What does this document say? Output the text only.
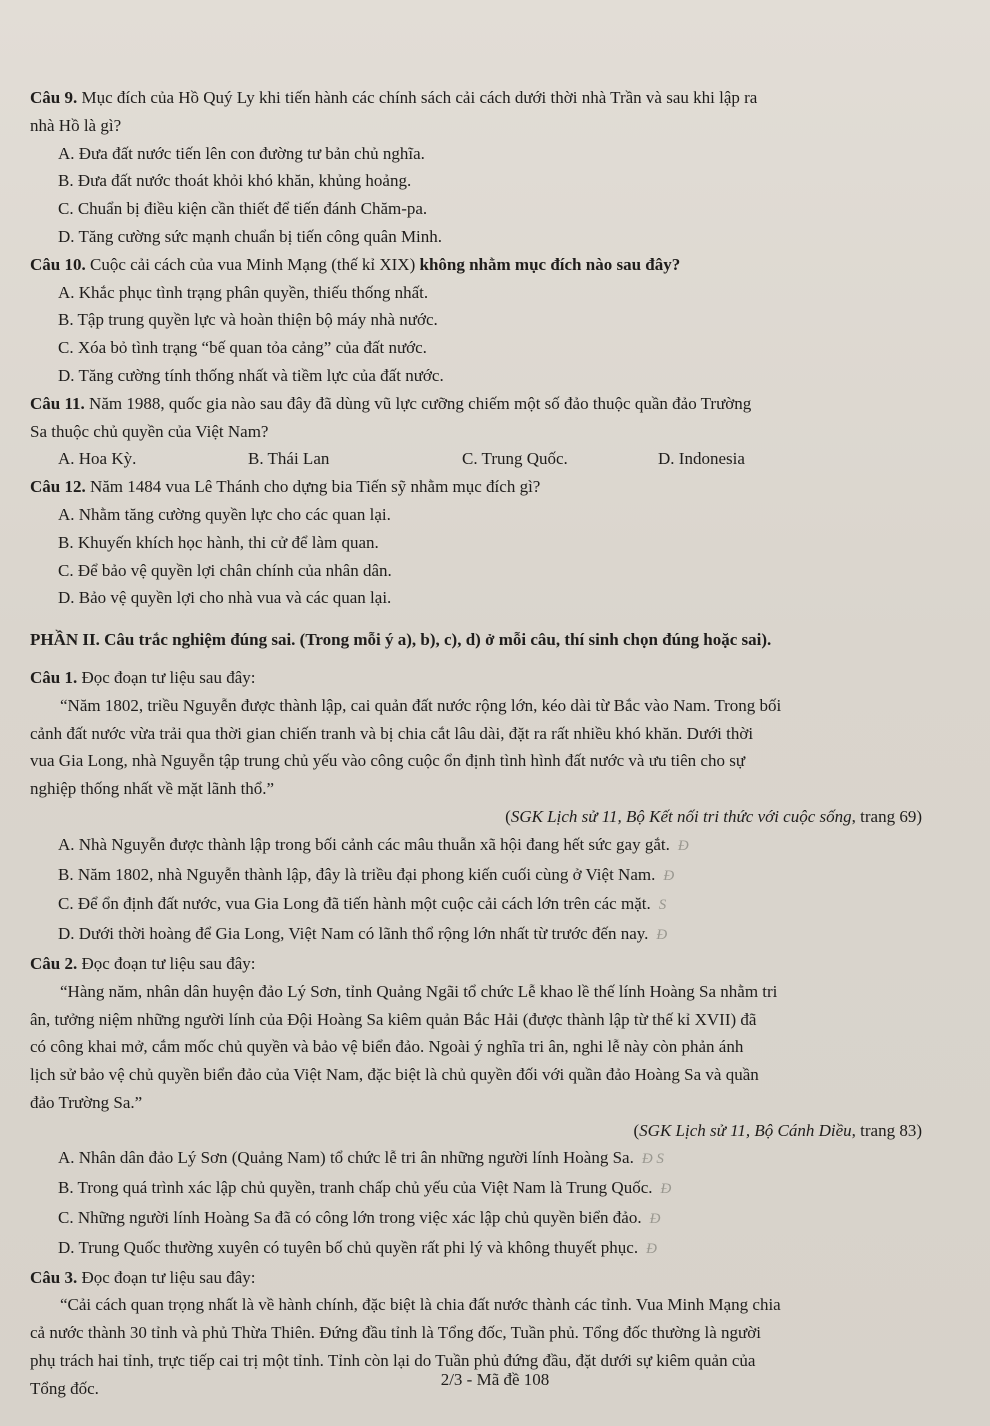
Câu 9. Mục đích của Hồ Quý Ly khi tiến hành các chính sách cải cách dưới thời nhà Trần và sau khi lập ra
nhà Hồ là gì?
A. Đưa đất nước tiến lên con đường tư bản chủ nghĩa.
B. Đưa đất nước thoát khỏi khó khăn, khủng hoảng.
C. Chuẩn bị điều kiện cần thiết để tiến đánh Chăm-pa.
D. Tăng cường sức mạnh chuẩn bị tiến công quân Minh.
Câu 10. Cuộc cải cách của vua Minh Mạng (thế kỉ XIX) không nhằm mục đích nào sau đây?
A. Khắc phục tình trạng phân quyền, thiếu thống nhất.
B. Tập trung quyền lực và hoàn thiện bộ máy nhà nước.
C. Xóa bỏ tình trạng “bế quan tỏa cảng” của đất nước.
D. Tăng cường tính thống nhất và tiềm lực của đất nước.
Câu 11. Năm 1988, quốc gia nào sau đây đã dùng vũ lực cưỡng chiếm một số đảo thuộc quần đảo Trường
Sa thuộc chủ quyền của Việt Nam?
A. Hoa Kỳ.	B. Thái Lan	C. Trung Quốc.	D. Indonesia
Câu 12. Năm 1484 vua Lê Thánh cho dựng bia Tiến sỹ nhằm mục đích gì?
A. Nhằm tăng cường quyền lực cho các quan lại.
B. Khuyến khích học hành, thi cử để làm quan.
C. Để bảo vệ quyền lợi chân chính của nhân dân.
D. Bảo vệ quyền lợi cho nhà vua và các quan lại.
PHẦN II. Câu trắc nghiệm đúng sai. (Trong mỗi ý a), b), c), d) ở mỗi câu, thí sinh chọn đúng hoặc sai).
Câu 1. Đọc đoạn tư liệu sau đây:
“Năm 1802, triều Nguyễn được thành lập, cai quản đất nước rộng lớn, kéo dài từ Bắc vào Nam. Trong bối
cảnh đất nước vừa trải qua thời gian chiến tranh và bị chia cắt lâu dài, đặt ra rất nhiều khó khăn. Dưới thời
vua Gia Long, nhà Nguyễn tập trung chủ yếu vào công cuộc ổn định tình hình đất nước và ưu tiên cho sự
nghiệp thống nhất về mặt lãnh thổ.”
(SGK Lịch sử 11, Bộ Kết nối tri thức với cuộc sống, trang 69)
A. Nhà Nguyễn được thành lập trong bối cảnh các mâu thuẫn xã hội đang hết sức gay gắt. Đ
B. Năm 1802, nhà Nguyễn thành lập, đây là triều đại phong kiến cuối cùng ở Việt Nam. Đ
C. Để ổn định đất nước, vua Gia Long đã tiến hành một cuộc cải cách lớn trên các mặt. S
D. Dưới thời hoàng để Gia Long, Việt Nam có lãnh thổ rộng lớn nhất từ trước đến nay. Đ
Câu 2. Đọc đoạn tư liệu sau đây:
“Hàng năm, nhân dân huyện đảo Lý Sơn, tỉnh Quảng Ngãi tổ chức Lễ khao lề thế lính Hoàng Sa nhằm tri
ân, tưởng niệm những người lính của Đội Hoàng Sa kiêm quản Bắc Hải (được thành lập từ thế kỉ XVII) đã
có công khai mở, cắm mốc chủ quyền và bảo vệ biển đảo. Ngoài ý nghĩa tri ân, nghi lễ này còn phản ánh
lịch sử bảo vệ chủ quyền biển đảo của Việt Nam, đặc biệt là chủ quyền đối với quần đảo Hoàng Sa và quần
đảo Trường Sa.”
(SGK Lịch sử 11, Bộ Cánh Diều, trang 83)
A. Nhân dân đảo Lý Sơn (Quảng Nam) tổ chức lễ tri ân những người lính Hoàng Sa. Đ S
B. Trong quá trình xác lập chủ quyền, tranh chấp chủ yếu của Việt Nam là Trung Quốc. Đ
C. Những người lính Hoàng Sa đã có công lớn trong việc xác lập chủ quyền biển đảo. Đ
D. Trung Quốc thường xuyên có tuyên bố chủ quyền rất phi lý và không thuyết phục. Đ
Câu 3. Đọc đoạn tư liệu sau đây:
“Cải cách quan trọng nhất là về hành chính, đặc biệt là chia đất nước thành các tỉnh. Vua Minh Mạng chia
cả nước thành 30 tỉnh và phủ Thừa Thiên. Đứng đầu tỉnh là Tổng đốc, Tuần phủ. Tổng đốc thường là người
phụ trách hai tỉnh, trực tiếp cai trị một tỉnh. Tỉnh còn lại do Tuần phủ đứng đầu, đặt dưới sự kiêm quản của
Tổng đốc.	2/3 - Mã đề 108
